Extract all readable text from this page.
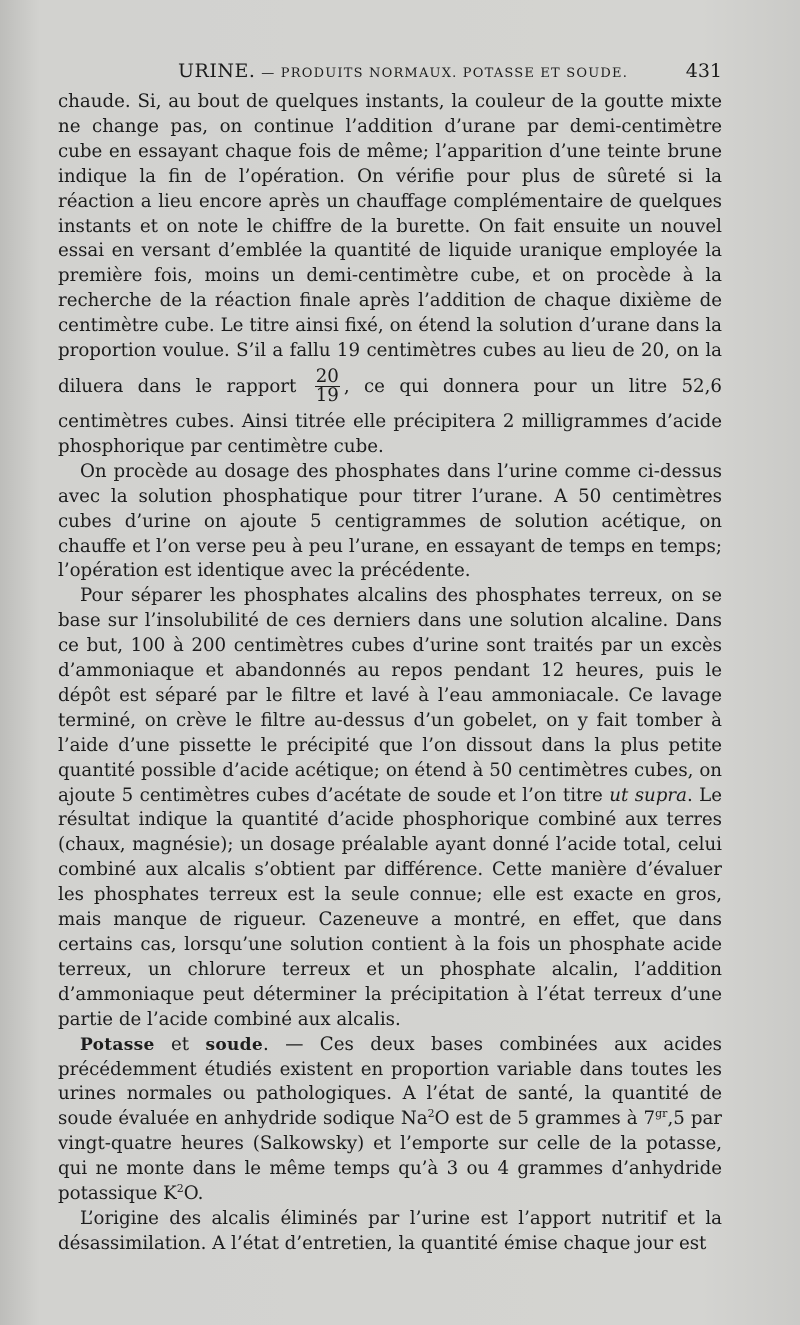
URINE. — PRODUITS NORMAUX. POTASSE ET SOUDE.	431

chaude. Si, au bout de quelques instants, la couleur de la goutte mixte ne change pas, on continue l’addition d’urane par demi-centimètre cube en essayant chaque fois de même; l’apparition d’une teinte brune indique la fin de l’opération. On vérifie pour plus de sûreté si la réaction a lieu encore après un chauffage complémentaire de quelques instants et on note le chiffre de la burette. On fait ensuite un nouvel essai en versant d’emblée la quantité de liquide uranique employée la première fois, moins un demi-centimètre cube, et on procède à la recherche de la réaction finale après l’addition de chaque dixième de centimètre cube. Le titre ainsi fixé, on étend la solution d’urane dans la proportion voulue. S’il a fallu 19 centimètres cubes au lieu de 20, on la diluera dans le rapport $\frac{20}{19}$ , ce qui donnera pour un litre 52,6 centimètres cubes. Ainsi titrée elle précipitera 2 milligrammes d’acide phosphorique par centimètre cube.

On procède au dosage des phosphates dans l’urine comme ci-dessus avec la solution phosphatique pour titrer l’urane. A 50 centimètres cubes d’urine on ajoute 5 centigrammes de solution acétique, on chauffe et l’on verse peu à peu l’urane, en essayant de temps en temps; l’opération est identique avec la précédente.

Pour séparer les phosphates alcalins des phosphates terreux, on se base sur l’insolubilité de ces derniers dans une solution alcaline. Dans ce but, 100 à 200 centimètres cubes d’urine sont traités par un excès d’ammoniaque et abandonnés au repos pendant 12 heures, puis le dépôt est séparé par le filtre et lavé à l’eau ammoniacale. Ce lavage terminé, on crève le filtre au-dessus d’un gobelet, on y fait tomber à l’aide d’une pissette le précipité que l’on dissout dans la plus petite quantité possible d’acide acétique; on étend à 50 centimètres cubes, on ajoute 5 centimètres cubes d’acétate de soude et l’on titre ut supra. Le résultat indique la quantité d’acide phosphorique combiné aux terres (chaux, magnésie); un dosage préalable ayant donné l’acide total, celui combiné aux alcalis s’obtient par différence. Cette manière d’évaluer les phosphates terreux est la seule connue; elle est exacte en gros, mais manque de rigueur. Cazeneuve a montré, en effet, que dans certains cas, lorsqu’une solution contient à la fois un phosphate acide terreux, un chlorure terreux et un phosphate alcalin, l’addition d’ammoniaque peut déterminer la précipitation à l’état terreux d’une partie de l’acide combiné aux alcalis.

Potasse et soude. — Ces deux bases combinées aux acides précédemment étudiés existent en proportion variable dans toutes les urines normales ou pathologiques. A l’état de santé, la quantité de soude évaluée en anhydride sodique Na$^2$O est de 5 grammes à $7^{gr},5$ par vingt-quatre heures (Salkowsky) et l’emporte sur celle de la potasse, qui ne monte dans le même temps qu’à 3 ou 4 grammes d’anhydride potassique $K^2O$.

L’origine des alcalis éliminés par l’urine est l’apport nutritif et la désassimilation. A l’état d’entretien, la quantité émise chaque jour est
